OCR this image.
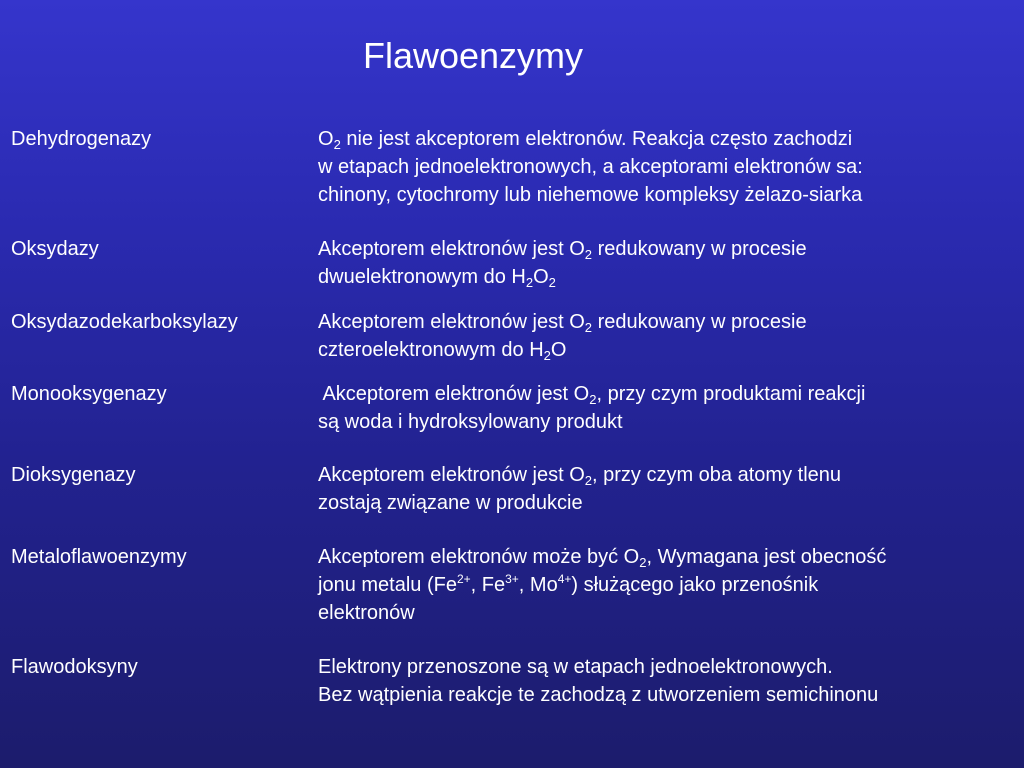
Flawoenzymy
Dehydrogenazy	$O_2$ nie jest akceptorem elektronów. Reakcja często zachodzi
w etapach jednoelektronowych, a akceptorami elektronów sa:
chinony, cytochromy lub niehemowe kompleksy żelazo-siarka
Oksydazy	Akceptorem elektronów jest $O_2$ redukowany w procesie
dwuelektronowym do $H_2O_2$
Oksydazodekarboksylazy	Akceptorem elektronów jest $O_2$ redukowany w procesie
czteroelektronowym do $H_2O$
Monooksygenazy	Akceptorem elektronów jest $O_2$, przy czym produktami reakcji
są woda i hydroksylowany produkt
Dioksygenazy	Akceptorem elektronów jest $O_2$, przy czym oba atomy tlenu
zostają związane w produkcie
Metaloflawoenzymy	Akceptorem elektronów może być $O_2$, Wymagana jest obecność
jonu metalu ($Fe^{2+}$, $Fe^{3+}$, $Mo^{4+}$) służącego jako przenośnik
elektronów
Flawodoksyny	Elektrony przenoszone są w etapach jednoelektronowych.
Bez wątpienia reakcje te zachodzą z utworzeniem semichinonu
